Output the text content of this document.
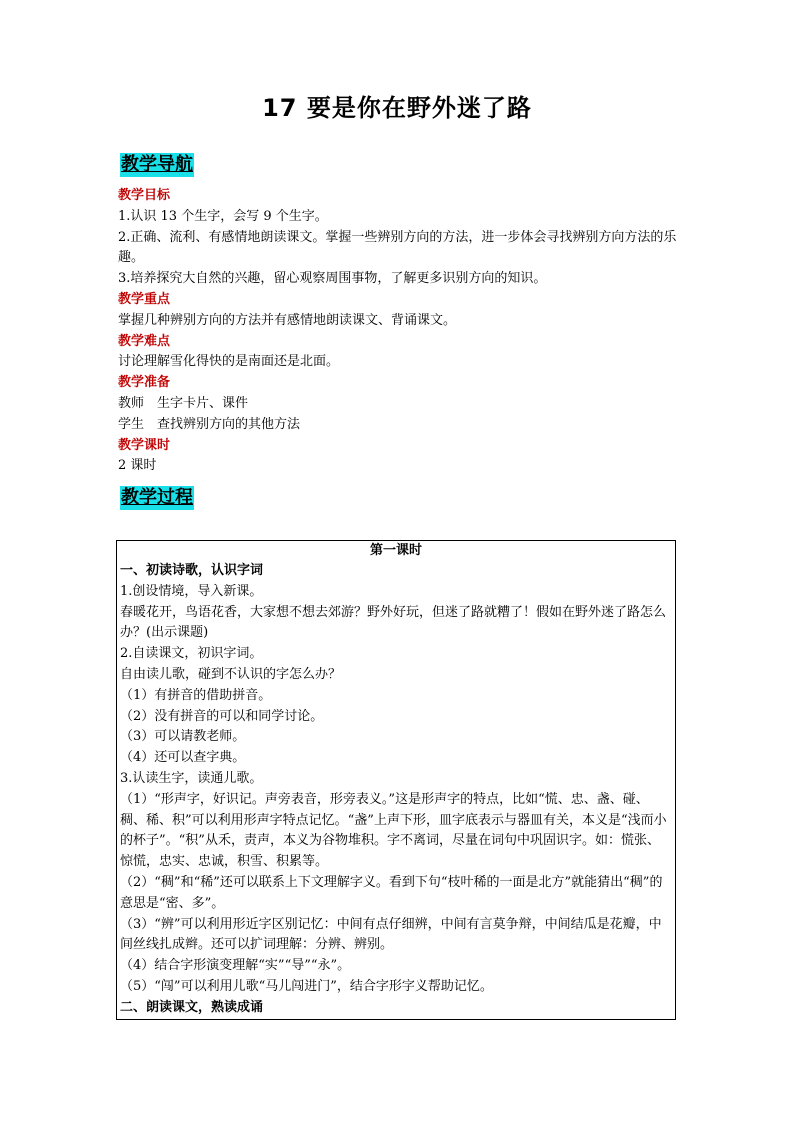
17 要是你在野外迷了路
教学导航
教学目标
1.认识 13 个生字，会写 9 个生字。
2.正确、流利、有感情地朗读课文。掌握一些辨别方向的方法，进一步体会寻找辨别方向方法的乐趣。
3.培养探究大自然的兴趣，留心观察周围事物，了解更多识别方向的知识。
教学重点
掌握几种辨别方向的方法并有感情地朗读课文、背诵课文。
教学难点
讨论理解雪化得快的是南面还是北面。
教学准备
教师　生字卡片、课件
学生　查找辨别方向的其他方法
教学课时
2 课时
教学过程
第一课时
一、初读诗歌，认识字词
1.创设情境，导入新课。
春暖花开，鸟语花香，大家想不想去郊游？野外好玩，但迷了路就糟了！假如在野外迷了路怎么办？(出示课题)
2.自读课文，初识字词。
自由读儿歌，碰到不认识的字怎么办？
（1）有拼音的借助拼音。
（2）没有拼音的可以和同学讨论。
（3）可以请教老师。
（4）还可以查字典。
3.认读生字，读通儿歌。
（1）“形声字，好识记。声旁表音，形旁表义。”这是形声字的特点，比如“慌、忠、盏、碰、稠、稀、积”可以利用形声字特点记忆。“盏”上声下形，皿字底表示与器皿有关，本义是“浅而小的杯子”。“积”从禾，责声，本义为谷物堆积。字不离词，尽量在词句中巩固识字。如：慌张、惊慌，忠实、忠诚，积雪、积累等。
（2）“稠”和“稀”还可以联系上下文理解字义。看到下句“枝叶稀的一面是北方”就能猜出“稠”的意思是“密、多”。
（3）“辨”可以利用形近字区别记忆：中间有点仔细辨，中间有言莫争辩，中间结瓜是花瓣，中间丝线扎成辫。还可以扩词理解：分辨、辨别。
（4）结合字形演变理解“实”“导”“永”。
（5）“闯”可以利用儿歌“马儿闯进门”，结合字形字义帮助记忆。
二、朗读课文，熟读成诵
